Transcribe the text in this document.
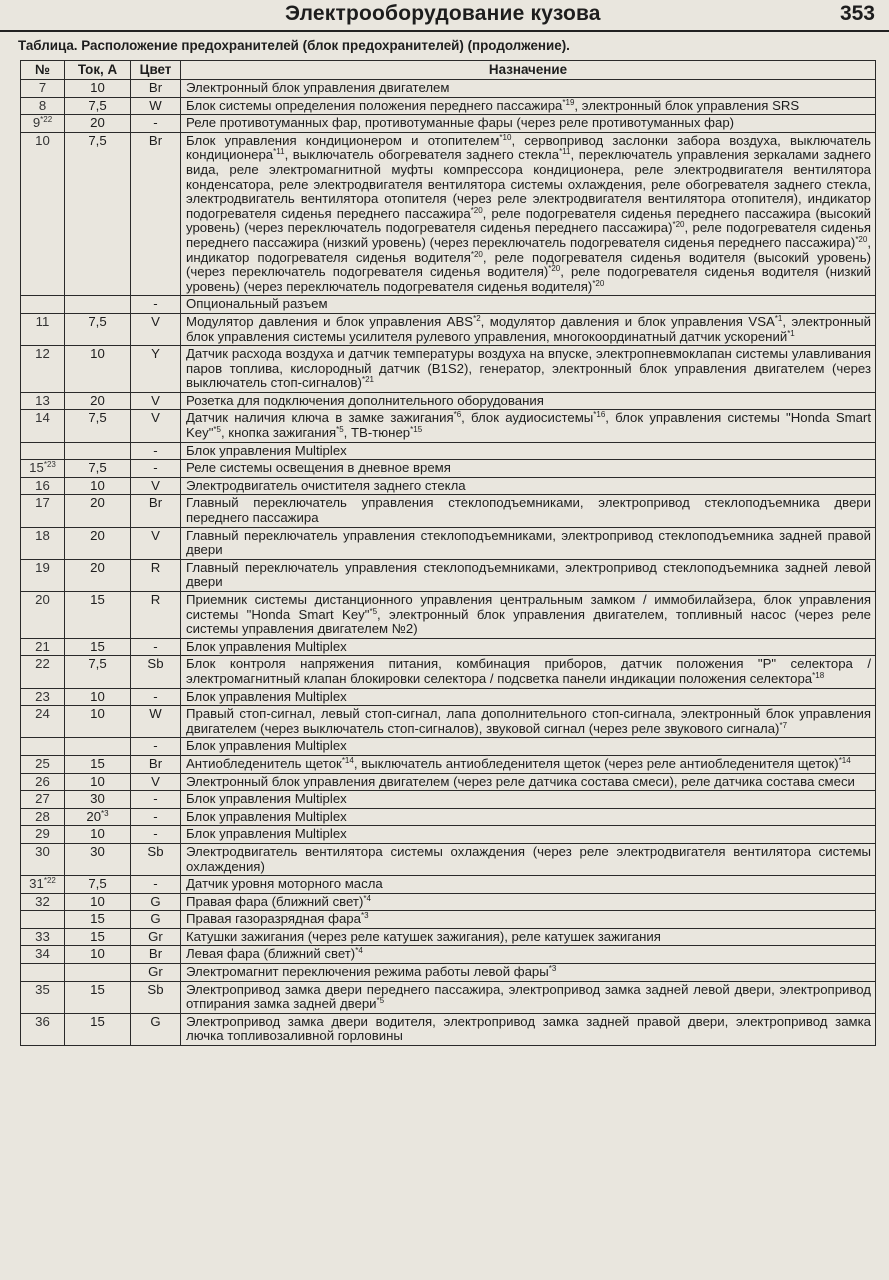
Электрооборудование кузова	353
Таблица. Расположение предохранителей (блок предохранителей) (продолжение).
№	Ток, А	Цвет	Назначение
7	10	Br	Электронный блок управления двигателем
8	7,5	W	Блок системы определения положения переднего пассажира$^{*19}$, электронный блок управления SRS
9$^{*22}$	20	-	Реле противотуманных фар, противотуманные фары (через реле противотуманных фар)
10	7,5	Br	Блок управления кондиционером и отопителем$^{*10}$, сервопривод заслонки забора воздуха, выключатель кондиционера$^{*11}$, выключатель обогревателя заднего стекла$^{*11}$, переключатель управления зеркалами заднего вида, реле электромагнитной муфты компрессора кондиционера, реле электродвигателя вентилятора конденсатора, реле электродвигателя вентилятора системы охлаждения, реле обогревателя заднего стекла, электродвигатель вентилятора отопителя (через реле электродвигателя вентилятора отопителя), индикатор подогревателя сиденья переднего пассажира$^{*20}$, реле подогревателя сиденья переднего пассажира (высокий уровень) (через переключатель подогревателя сиденья переднего пассажира)$^{*20}$, реле подогревателя сиденья переднего пассажира (низкий уровень) (через переключатель подогревателя сиденья переднего пассажира)$^{*20}$, индикатор подогревателя сиденья водителя$^{*20}$, реле подогревателя сиденья водителя (высокий уровень) (через переключатель подогревателя сиденья водителя)$^{*20}$, реле подогревателя сиденья водителя (низкий уровень) (через переключатель подогревателя сиденья водителя)$^{*20}$
		-	Опциональный разъем
11	7,5	V	Модулятор давления и блок управления ABS$^{*2}$, модулятор давления и блок управления VSA$^{*1}$, электронный блок управления системы усилителя рулевого управления, многокоординатный датчик ускорений$^{*1}$
12	10	Y	Датчик расхода воздуха и датчик температуры воздуха на впуске, электропневмоклапан системы улавливания паров топлива, кислородный датчик (B1S2), генератор, электронный блок управления двигателем (через выключатель стоп-сигналов)$^{*21}$
13	20	V	Розетка для подключения дополнительного оборудования
14	7,5	V	Датчик наличия ключа в замке зажигания$^{*6}$, блок аудиосистемы$^{*16}$, блок управления системы "Honda Smart Key"$^{*5}$, кнопка зажигания$^{*5}$, ТВ-тюнер$^{*15}$
		-	Блок управления Multiplex
15$^{*23}$	7,5	-	Реле системы освещения в дневное время
16	10	V	Электродвигатель очистителя заднего стекла
17	20	Br	Главный переключатель управления стеклоподъемниками, электропривод стеклоподъемника двери переднего пассажира
18	20	V	Главный переключатель управления стеклоподъемниками, электропривод стеклоподъемника задней правой двери
19	20	R	Главный переключатель управления стеклоподъемниками, электропривод стеклоподъемника задней левой двери
20	15	R	Приемник системы дистанционного управления центральным замком / иммобилайзера, блок управления системы "Honda Smart Key"$^{*5}$, электронный блок управления двигателем, топливный насос (через реле системы управления двигателем №2)
21	15	-	Блок управления Multiplex
22	7,5	Sb	Блок контроля напряжения питания, комбинация приборов, датчик положения "P" селектора / электромагнитный клапан блокировки селектора / подсветка панели индикации положения селектора$^{*18}$
23	10	-	Блок управления Multiplex
24	10	W	Правый стоп-сигнал, левый стоп-сигнал, лапа дополнительного стоп-сигнала, электронный блок управления двигателем (через выключатель стоп-сигналов), звуковой сигнал (через реле звукового сигнала)$^{*7}$
		-	Блок управления Multiplex
25	15	Br	Антиобледенитель щеток$^{*14}$, выключатель антиобледенителя щеток (через реле антиобледенителя щеток)$^{*14}$
26	10	V	Электронный блок управления двигателем (через реле датчика состава смеси), реле датчика состава смеси
27	30	-	Блок управления Multiplex
28	20$^{*3}$	-	Блок управления Multiplex
29	10	-	Блок управления Multiplex
30	30	Sb	Электродвигатель вентилятора системы охлаждения (через реле электродвигателя вентилятора системы охлаждения)
31$^{*22}$	7,5	-	Датчик уровня моторного масла
32	10	G	Правая фара (ближний свет)$^{*4}$
	15	G	Правая газоразрядная фара$^{*3}$
33	15	Gr	Катушки зажигания (через реле катушек зажигания), реле катушек зажигания
34	10	Br	Левая фара (ближний свет)$^{*4}$
		Gr	Электромагнит переключения режима работы левой фары$^{*3}$
35	15	Sb	Электропривод замка двери переднего пассажира, электропривод замка задней левой двери, электропривод отпирания замка задней двери$^{*5}$
36	15	G	Электропривод замка двери водителя, электропривод замка задней правой двери, электропривод замка лючка топливозаливной горловины
